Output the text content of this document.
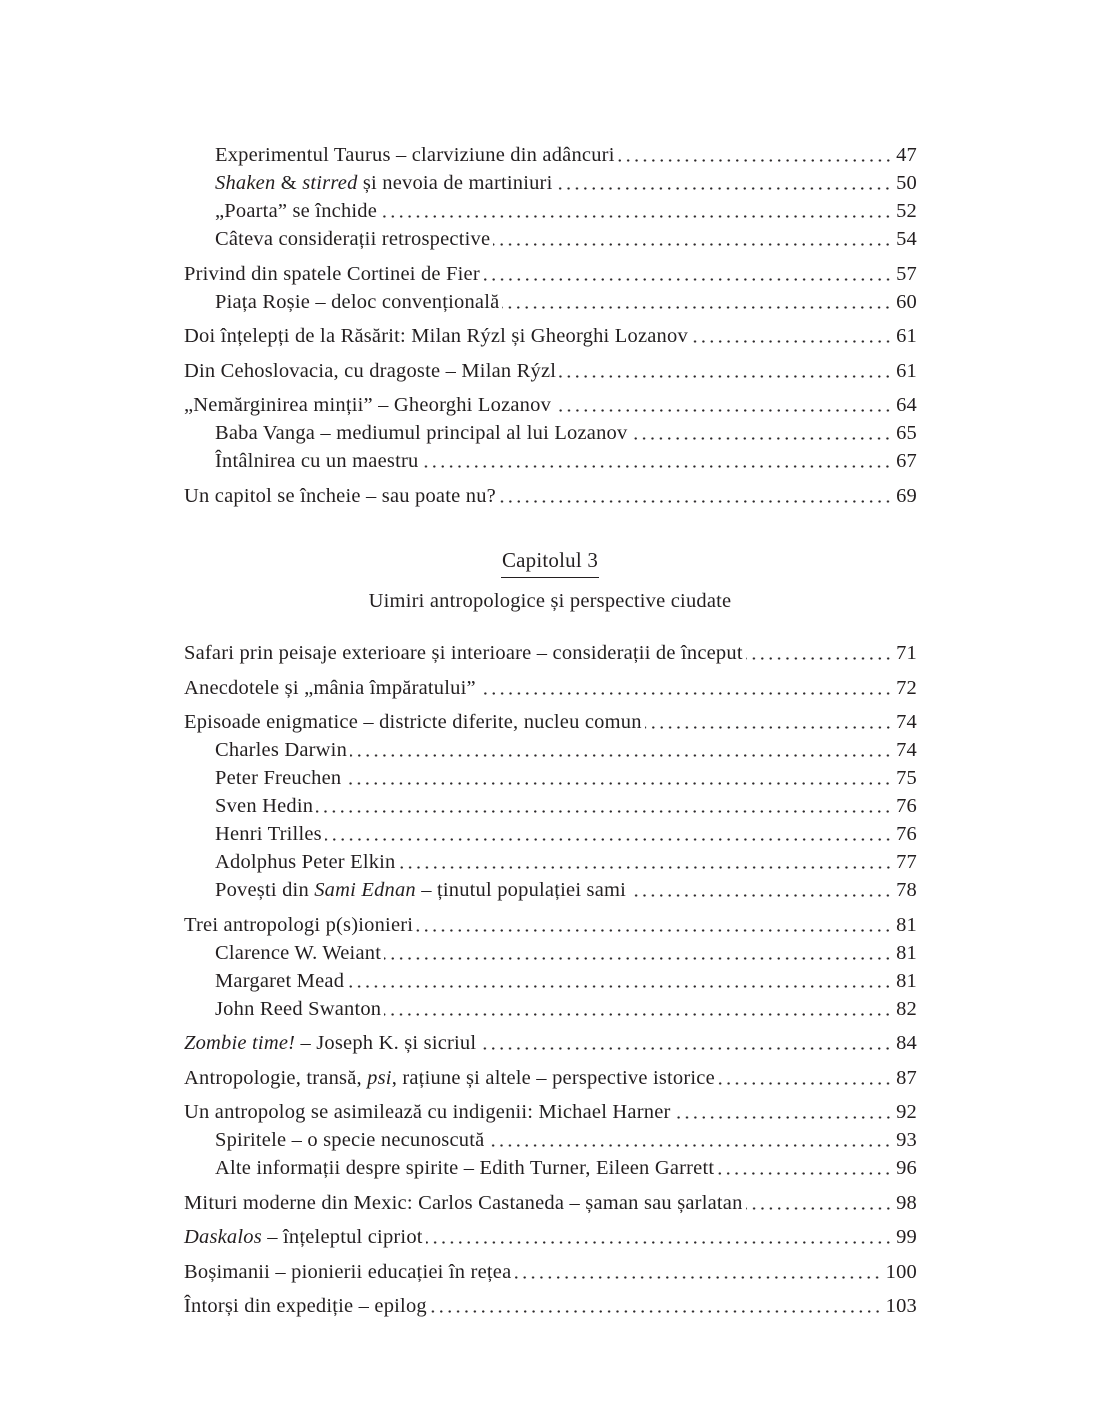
Experimentul Taurus – clarviziune din adâncuri	47
Shaken & stirred și nevoia de martiniuri	50
„Poarta” se închide	52
Câteva considerații retrospective	54
Privind din spatele Cortinei de Fier	57
Piața Roșie – deloc convențională	60
Doi înțelepți de la Răsărit: Milan Rýzl și Gheorghi Lozanov	61
Din Cehoslovacia, cu dragoste – Milan Rýzl	61
„Nemărginirea minții” – Gheorghi Lozanov	64
Baba Vanga – mediumul principal al lui Lozanov	65
Întâlnirea cu un maestru	67
Un capitol se încheie – sau poate nu?	69
Capitolul 3
Uimiri antropologice și perspective ciudate
Safari prin peisaje exterioare și interioare – considerații de început	71
Anecdotele și „mânia împăratului”	72
Episoade enigmatice – districte diferite, nucleu comun	74
Charles Darwin	74
Peter Freuchen	75
Sven Hedin	76
Henri Trilles	76
Adolphus Peter Elkin	77
Povești din Sami Ednan – ținutul populației sami	78
Trei antropologi p(s)ionieri	81
Clarence W. Weiant	81
Margaret Mead	81
John Reed Swanton	82
Zombie time! – Joseph K. și sicriul	84
Antropologie, transă, psi, rațiune și altele – perspective istorice	87
Un antropolog se asimilează cu indigenii: Michael Harner	92
Spiritele – o specie necunoscută	93
Alte informații despre spirite – Edith Turner, Eileen Garrett	96
Mituri moderne din Mexic: Carlos Castaneda – șaman sau șarlatan	98
Daskalos – înțeleptul cipriot	99
Boșimanii – pionierii educației în rețea	100
Întorși din expediție – epilog	103
